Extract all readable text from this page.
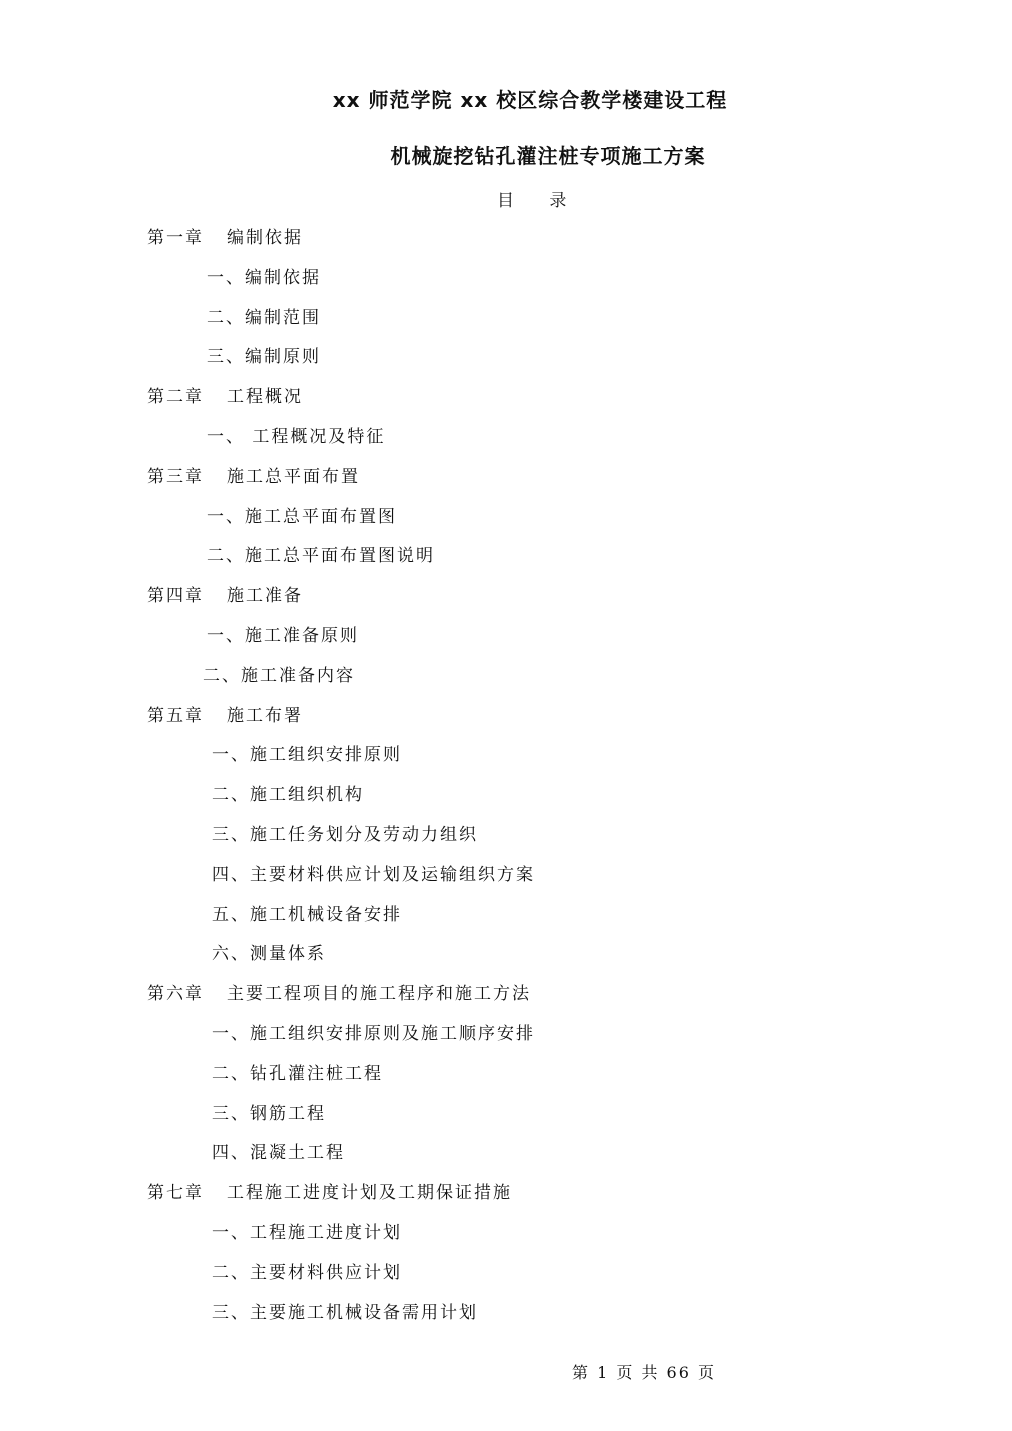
xx 师范学院 xx 校区综合教学楼建设工程
机械旋挖钻孔灌注桩专项施工方案
目 录
第一章 编制依据
一、编制依据
二、编制范围
三、编制原则
第二章 工程概况
一、 工程概况及特征
第三章 施工总平面布置
一、施工总平面布置图
二、施工总平面布置图说明
第四章 施工准备
一、施工准备原则
二、施工准备内容
第五章 施工布署
一、施工组织安排原则
二、施工组织机构
三、施工任务划分及劳动力组织
四、主要材料供应计划及运输组织方案
五、施工机械设备安排
六、测量体系
第六章 主要工程项目的施工程序和施工方法
一、施工组织安排原则及施工顺序安排
二、钻孔灌注桩工程
三、钢筋工程
四、混凝土工程
第七章 工程施工进度计划及工期保证措施
一、工程施工进度计划
二、主要材料供应计划
三、主要施工机械设备需用计划
第 1 页 共 66 页
